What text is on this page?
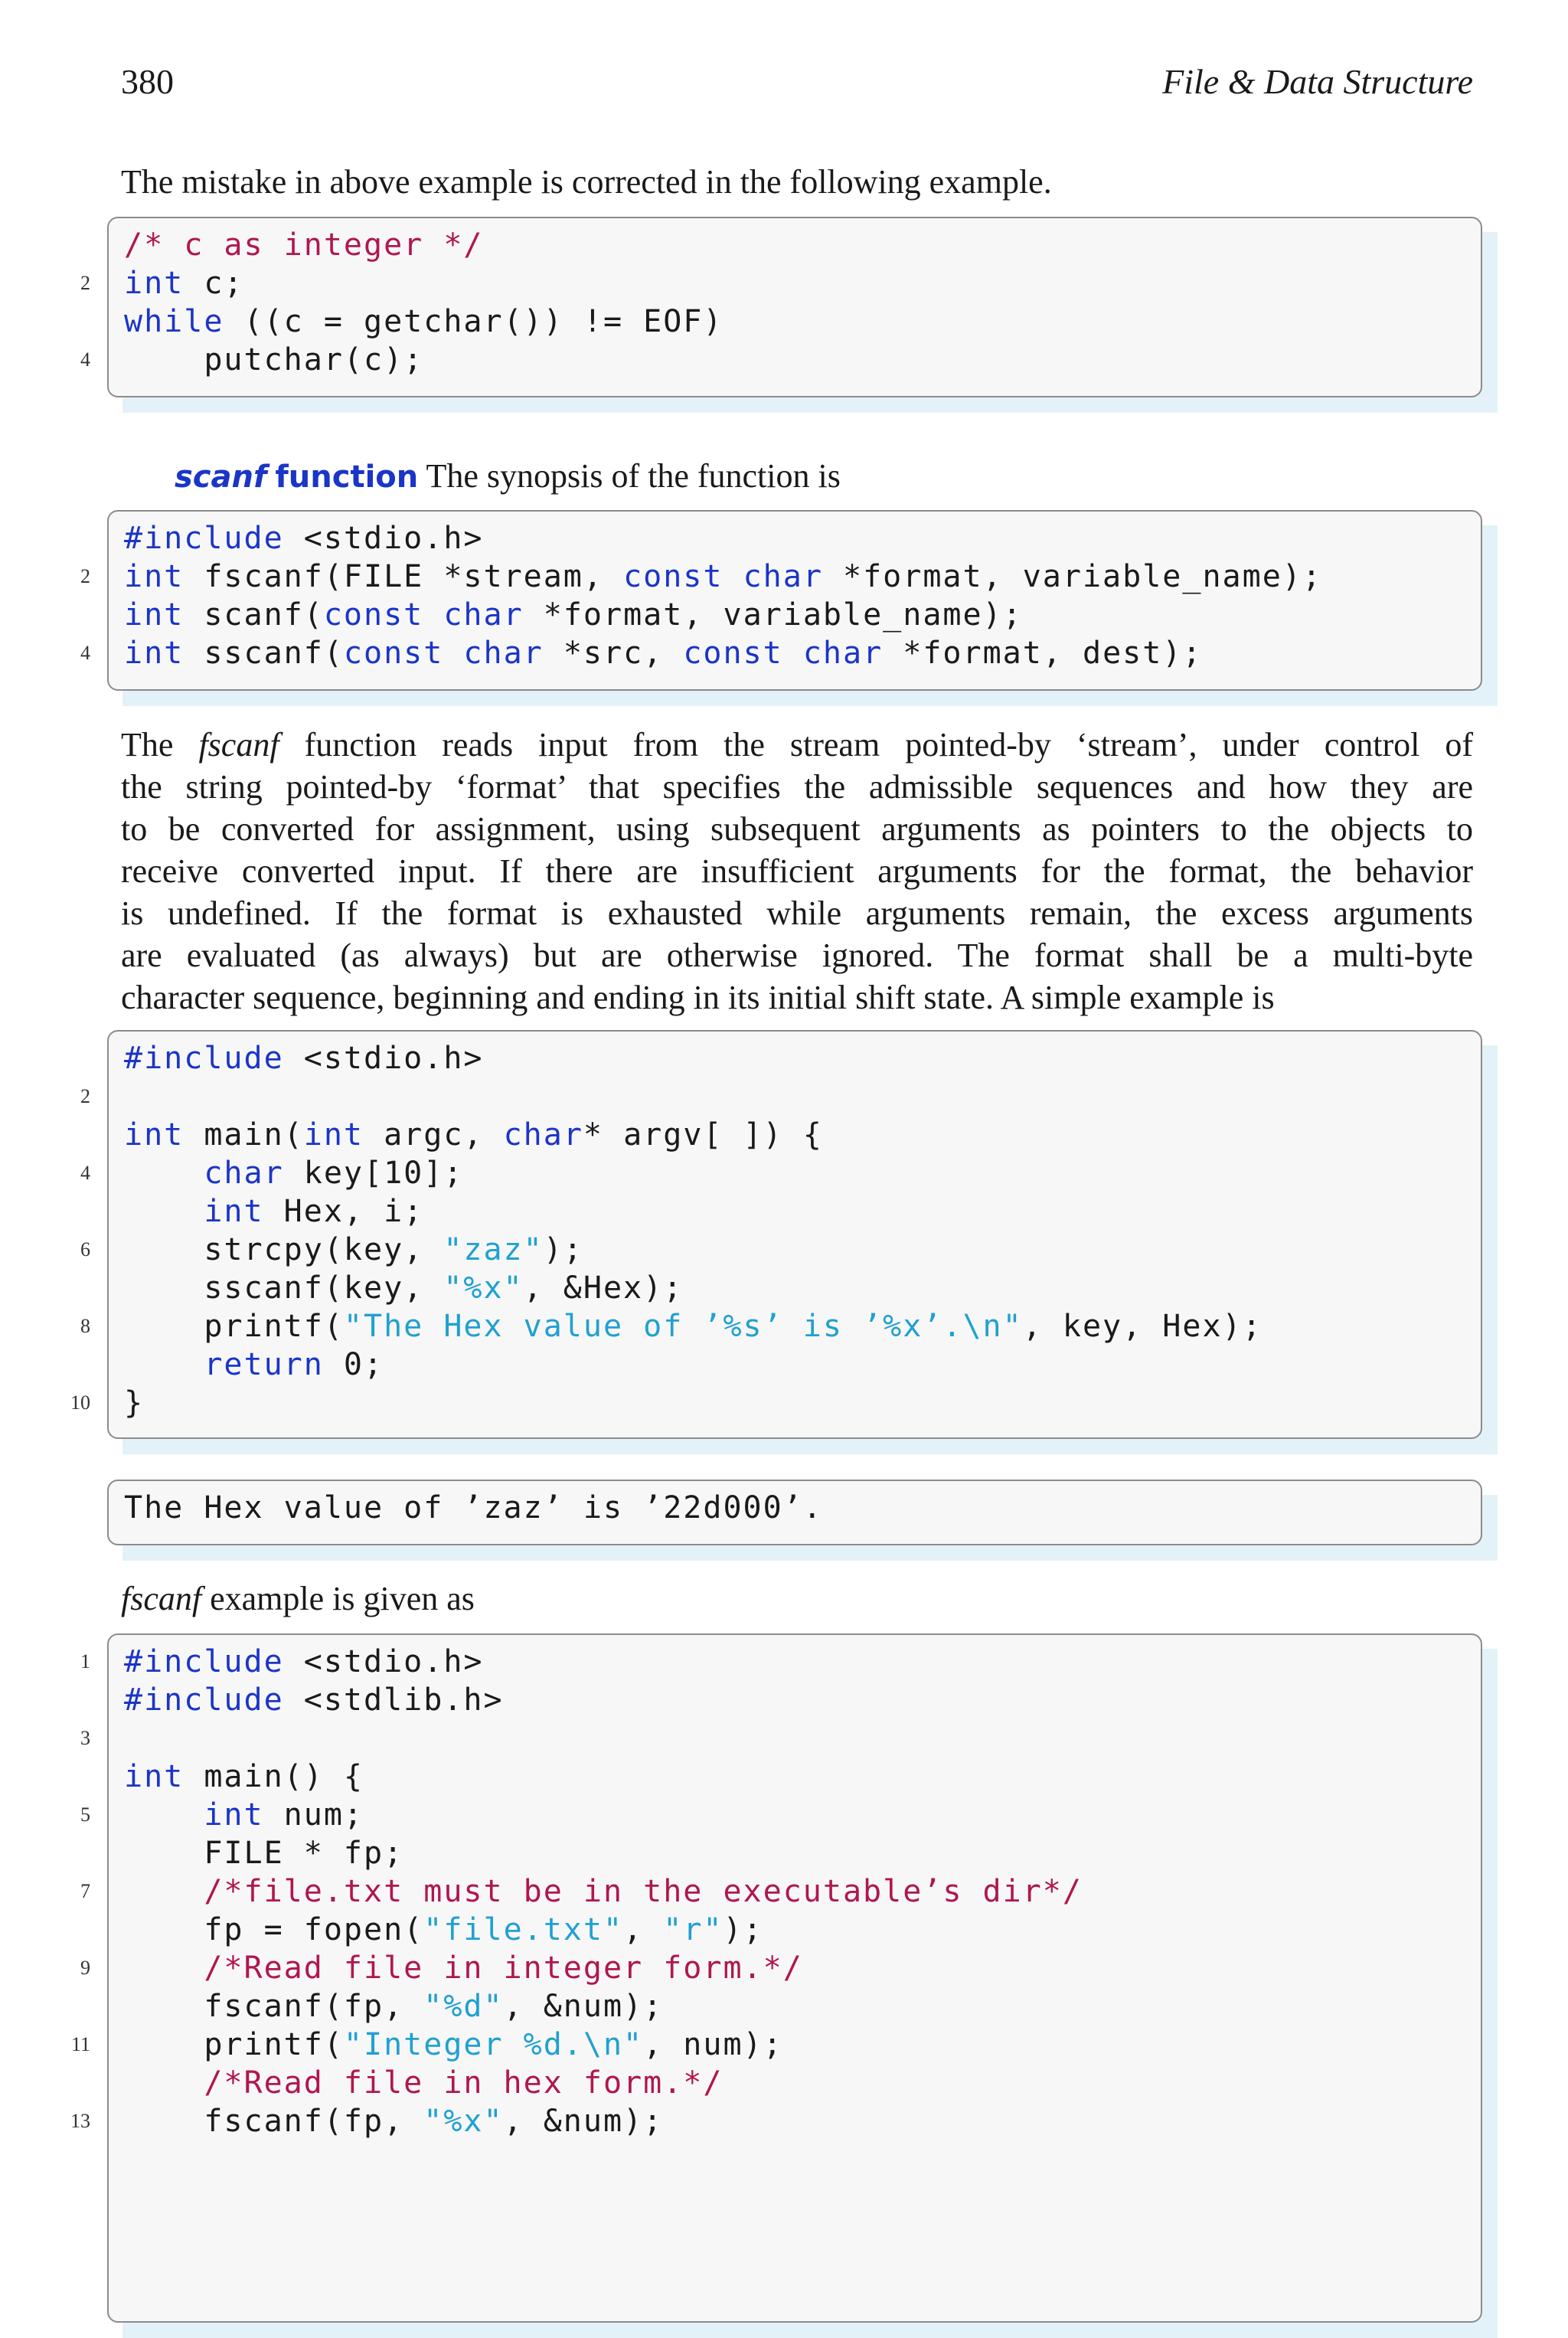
380	File & Data Structure
The mistake in above example is corrected in the following example.
/* c as integer */
2 int c;
while ((c = getchar()) != EOF)
4 putchar(c);
scanf function The synopsis of the function is
#include <stdio.h>
2 int fscanf(FILE *stream, const char *format, variable_name);
int scanf(const char *format, variable_name);
4 int sscanf(const char *src, const char *format, dest);
The fscanf function reads input from the stream pointed-by ‘stream’, under control of
the string pointed-by ‘format’ that specifies the admissible sequences and how they are
to be converted for assignment, using subsequent arguments as pointers to the objects to
receive converted input. If there are insufficient arguments for the format, the behavior
is undefined. If the format is exhausted while arguments remain, the excess arguments
are evaluated (as always) but are otherwise ignored. The format shall be a multi-byte
character sequence, beginning and ending in its initial shift state. A simple example is
#include <stdio.h>
2
int main(int argc, char* argv[ ]) {
4	char key[10];
int Hex, i;
6 strcpy(key, "zaz");
sscanf(key, "%x", &Hex);
8 printf("The Hex value of ’%s’ is ’%x’.\n", key, Hex);
return 0;
10 }
The Hex value of ’zaz’ is ’22d000’.
fscanf example is given as
1 #include <stdio.h>
#include <stdlib.h>
3
int main() {
5	int num;
FILE * fp;
7	/*file.txt must be in the executable’s dir*/
fp = fopen("file.txt", "r");
9	/*Read file in integer form.*/
fscanf(fp, "%d", &num);
11 printf("Integer %d.\n", num);
/*Read file in hex form.*/
13 fscanf(fp, "%x", &num);
